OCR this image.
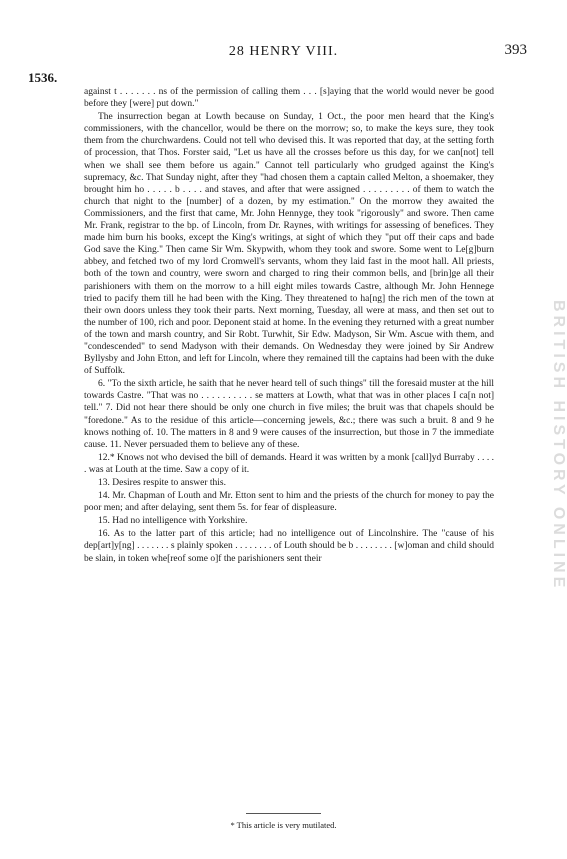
28 HENRY VIII.	393
1536.

against t . . . . . . . ns of the permission of calling them . . . [s]aying that the world would never be good before they [were] put down."

The insurrection began at Lowth because on Sunday, 1 Oct., the poor men heard that the King's commissioners, with the chancellor, would be there on the morrow; so, to make the keys sure, they took them from the churchwardens. Could not tell who devised this. It was reported that day, at the setting forth of procession, that Thos. Forster said, "Let us have all the crosses before us this day, for we can[not] tell when we shall see them before us again." Cannot tell particularly who grudged against the King's supremacy, &c. That Sunday night, after they "had chosen them a captain called Melton, a shoemaker, they brought him ho . . . . . b . . . . and staves, and after that were assigned . . . . . . . . . of them to watch the church that night to the [number] of a dozen, by my estimation." On the morrow they awaited the Commissioners, and the first that came, Mr. John Hennyge, they took "rigorously" and swore. Then came Mr. Frank, registrar to the bp. of Lincoln, from Dr. Raynes, with writings for assessing of benefices. They made him burn his books, except the King's writings, at sight of which they "put off their caps and bade God save the King." Then came Sir Wm. Skypwith, whom they took and swore. Some went to Le[g]burn abbey, and fetched two of my lord Cromwell's servants, whom they laid fast in the moot hall. All priests, both of the town and country, were sworn and charged to ring their common bells, and [brin]ge all their parishioners with them on the morrow to a hill eight miles towards Castre, although Mr. John Hennege tried to pacify them till he had been with the King. They threatened to ha[ng] the rich men of the town at their own doors unless they took their parts. Next morning, Tuesday, all were at mass, and then set out to the number of 100, rich and poor. Deponent staid at home. In the evening they returned with a great number of the town and marsh country, and Sir Robt. Turwhit, Sir Edw. Madyson, Sir Wm. Ascue with them, and "condescended" to send Madyson with their demands. On Wednesday they were joined by Sir Andrew Byllysby and John Etton, and left for Lincoln, where they remained till the captains had been with the duke of Suffolk.

6. "To the sixth article, he saith that he never heard tell of such things" till the foresaid muster at the hill towards Castre. "That was no . . . . . . . . . . se matters at Lowth, what that was in other places I ca[n not] tell." 7. Did not hear there should be only one church in five miles; the bruit was that chapels should be "foredone." As to the residue of this article—concerning jewels, &c.; there was such a bruit. 8 and 9 he knows nothing of. 10. The matters in 8 and 9 were causes of the insurrection, but those in 7 the immediate cause. 11. Never persuaded them to believe any of these.

12.* Knows not who devised the bill of demands. Heard it was written by a monk [call]yd Burraby . . . . . was at Louth at the time. Saw a copy of it.

13. Desires respite to answer this.

14. Mr. Chapman of Louth and Mr. Etton sent to him and the priests of the church for money to pay the poor men; and after delaying, sent them 5s. for fear of displeasure.

15. Had no intelligence with Yorkshire.

16. As to the latter part of this article; had no intelligence out of Lincolnshire. The "cause of his dep[art]y[ng] . . . . . . . s plainly spoken . . . . . . . . of Louth should be b . . . . . . . . [w]oman and child should be slain, in token whe[reof some o]f the parishioners sent their

* This article is very mutilated.
BRITISH HISTORY ONLINE
